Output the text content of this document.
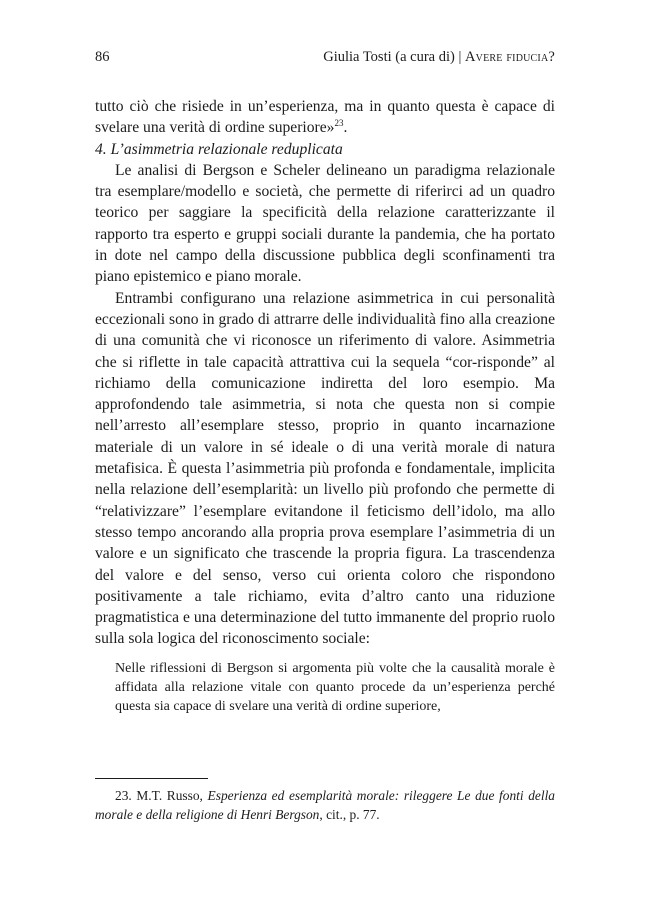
86	Giulia Tosti (a cura di) | Avere fiducia?

tutto ciò che risiede in un’esperienza, ma in quanto questa è capace di svelare una verità di ordine superiore»$^{23}$.

4. L’asimmetria relazionale reduplicata

Le analisi di Bergson e Scheler delineano un paradigma relazionale tra esemplare/modello e società, che permette di riferirci ad un quadro teorico per saggiare la specificità della relazione caratterizzante il rapporto tra esperto e gruppi sociali durante la pandemia, che ha portato in dote nel campo della discussione pubblica degli sconfinamenti tra piano epistemico e piano morale.

Entrambi configurano una relazione asimmetrica in cui personalità eccezionali sono in grado di attrarre delle individualità fino alla creazione di una comunità che vi riconosce un riferimento di valore. Asimmetria che si riflette in tale capacità attrattiva cui la sequela “cor-risponde” al richiamo della comunicazione indiretta del loro esempio. Ma approfondendo tale asimmetria, si nota che questa non si compie nell’arresto all’esemplare stesso, proprio in quanto incarnazione materiale di un valore in sé ideale o di una verità morale di natura metafisica. È questa l’asimmetria più profonda e fondamentale, implicita nella relazione dell’esemplarità: un livello più profondo che permette di “relativizzare” l’esemplare evitandone il feticismo dell’idolo, ma allo stesso tempo ancorando alla propria prova esemplare l’asimmetria di un valore e un significato che trascende la propria figura. La trascendenza del valore e del senso, verso cui orienta coloro che rispondono positivamente a tale richiamo, evita d’altro canto una riduzione pragmatistica e una determinazione del tutto immanente del proprio ruolo sulla sola logica del riconoscimento sociale:

Nelle riflessioni di Bergson si argomenta più volte che la causalità morale è affidata alla relazione vitale con quanto procede da un’esperienza perché questa sia capace di svelare una verità di ordine superiore,

23. M.T. Russo, Esperienza ed esemplarità morale: rileggere Le due fonti della morale e della religione di Henri Bergson, cit., p. 77.
